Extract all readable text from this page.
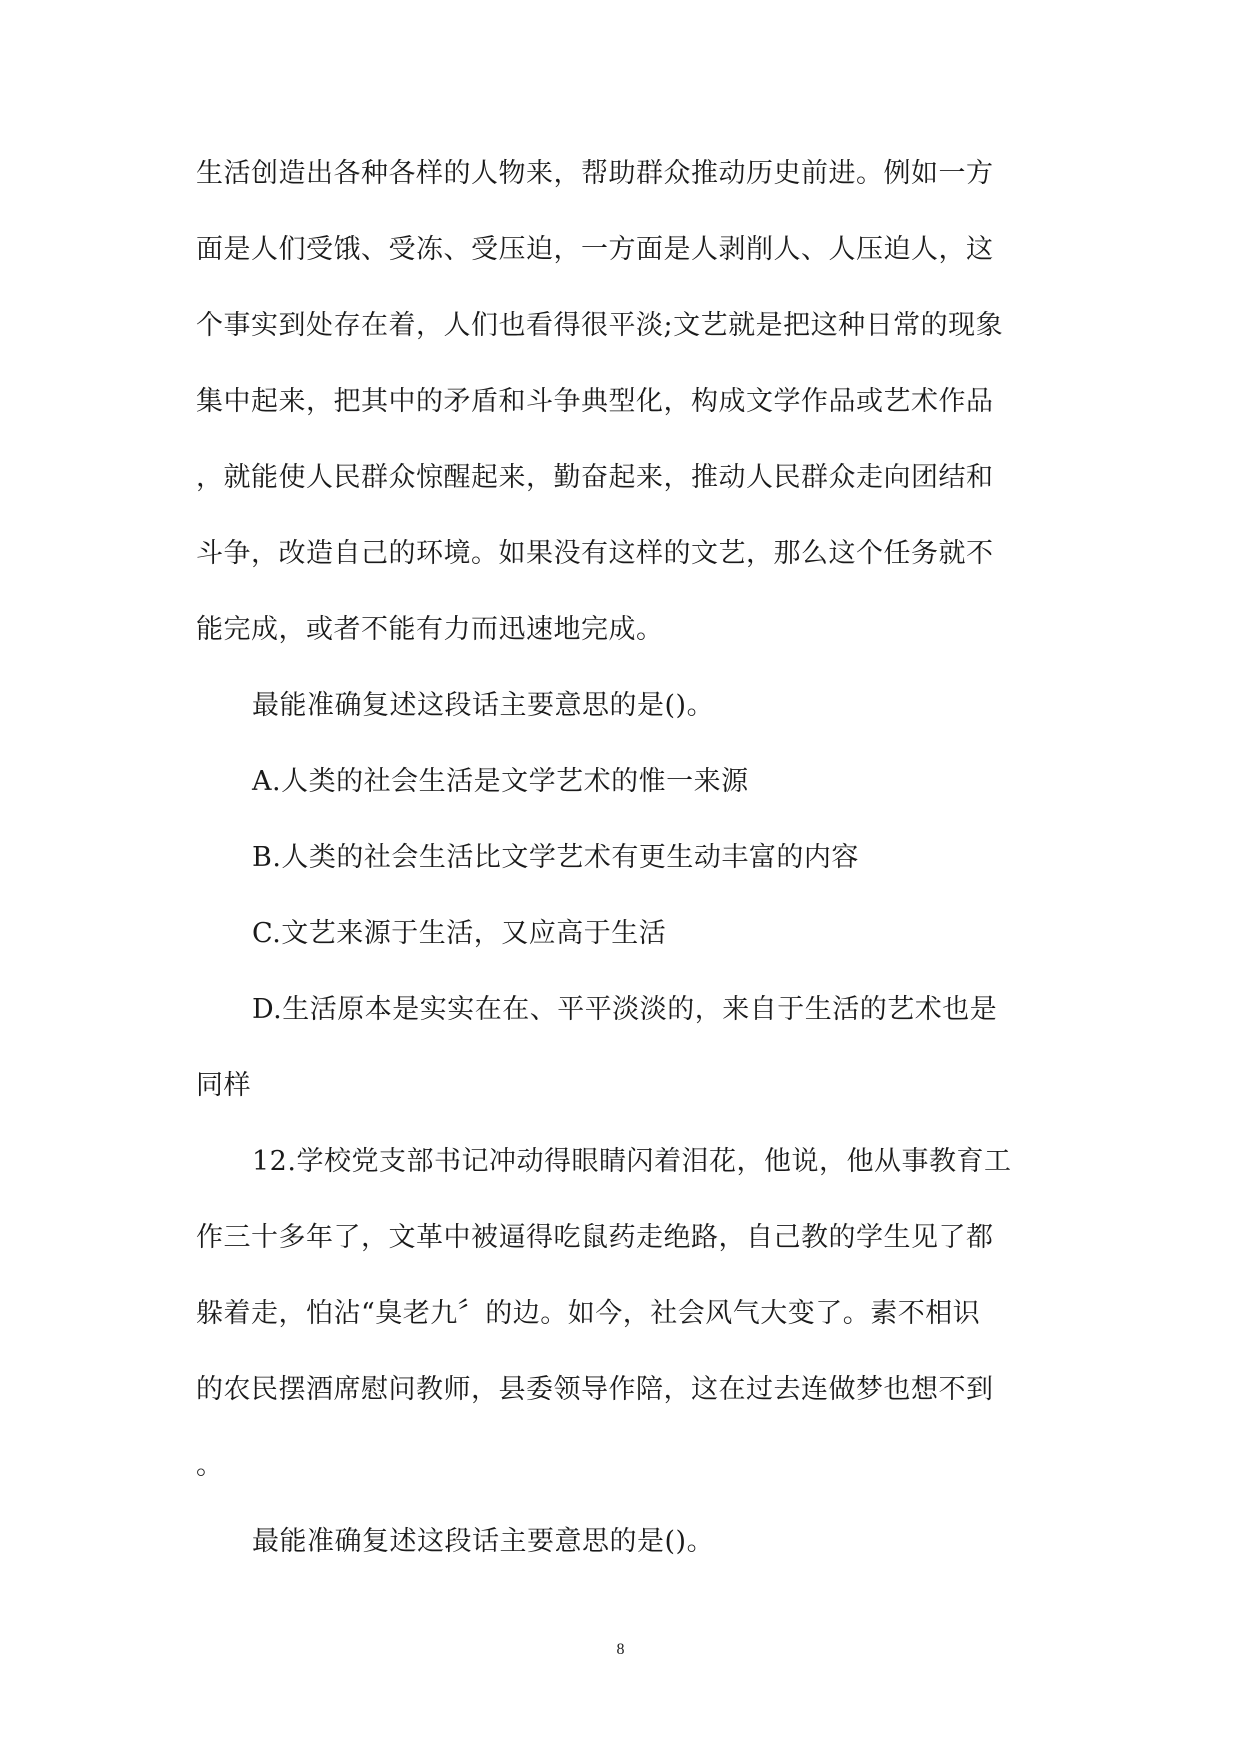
生活创造出各种各样的人物来，帮助群众推动历史前进。例如一方
面是人们受饿、受冻、受压迫，一方面是人剥削人、人压迫人，这
个事实到处存在着，人们也看得很平淡;文艺就是把这种日常的现象
集中起来，把其中的矛盾和斗争典型化，构成文学作品或艺术作品
，就能使人民群众惊醒起来，勤奋起来，推动人民群众走向团结和
斗争，改造自己的环境。如果没有这样的文艺，那么这个任务就不
能完成，或者不能有力而迅速地完成。
最能准确复述这段话主要意思的是()。
A.人类的社会生活是文学艺术的惟一来源
B.人类的社会生活比文学艺术有更生动丰富的内容
C.文艺来源于生活，又应高于生活
D.生活原本是实实在在、平平淡淡的，来自于生活的艺术也是
同样
12.学校党支部书记冲动得眼睛闪着泪花，他说，他从事教育工
作三十多年了，文革中被逼得吃鼠药走绝路，自己教的学生见了都
躲着走，怕沾“臭老九〞的边。如今，社会风气大变了。素不相识
的农民摆酒席慰问教师，县委领导作陪，这在过去连做梦也想不到
。
最能准确复述这段话主要意思的是()。
8
